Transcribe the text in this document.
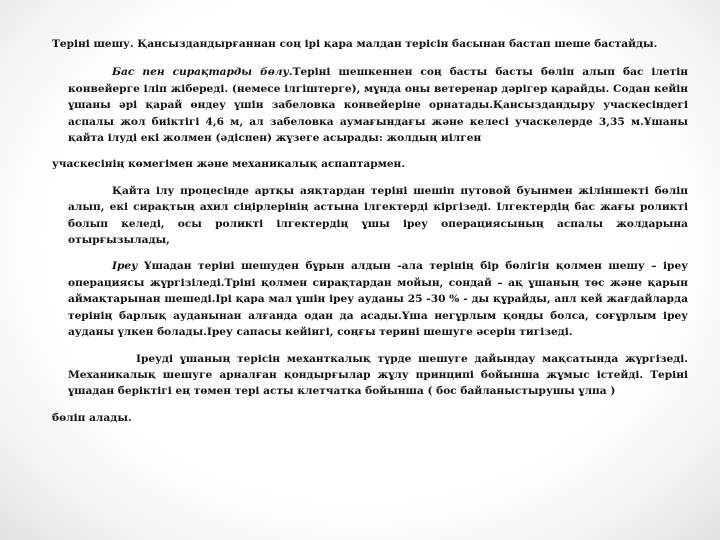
Теріні шешу. Қансыздандырғаннан соң ірі қара малдан терісін басынан бастап шеше бастайды.

Бас пен сирақтарды бөлу.Теріні шешкеннен соң басты басты бөліп алып бас ілетін конвейерге іліп жібереді. (немесе ілгіштерге), мұнда оны ветеренар дәрігер қарайды. Содан кейін ұшаны әрі қарай өндеу үшін забеловка конвейеріне орнатады.Қансыздандыру учаскесіндегі аспалы жол биіктігі 4,6 м, ал забеловка аумағындағы және келесі учаскелерде 3,35 м.Ұшаны қайта ілуді екі жолмен (әдіспен) жүзеге асырады: жолдың иілген

учаскесінің көмегімен және механикалық аспаптармен.

Қайта ілу процесінде артқы аяқтардан теріні шешіп путовой буынмен жіліншекті бөліп алып, екі сирақтың ахил сіңірлерінің астына ілгектерді кіргізеді. Ілгектердің бас жағы роликті болып келеді, осы роликті ілгектердің ұшы іреу операциясының аспалы жолдарына отырғызылады,

Іреу Ұшадан теріні шешуден бұрын алдын -ала терінің бір бөлігін қолмен шешу – іреу операциясы жүргізіледі.Тріні қолмен сирақтардан мойын, сондай – ақ ұшаның төс және қарын аймақтарынан шешеді.Ірі қара мал үшін іреу ауданы 25 -30 % - ды құрайды, апл кей жағдайларда терінің барлық ауданынан алғанда одан да асады.Ұша негұрлым қоңды болса, соғұрлым іреу ауданы үлкен болады.Іреу сапасы кейінгі, соңғы терині шешуге әсерін тигізеді.

Іреуді ұшаның терісін механткалық түрде шешуге дайындау мақсатында жүргізеді. Механикалық шешуге арналған қондырғылар жұлу принципі бойынша жұмыс істейді. Теріні ұшадан беріктігі ең төмен тері асты клетчатка бойынша ( бос байланыстырушы ұлпа )

бөліп алады.
